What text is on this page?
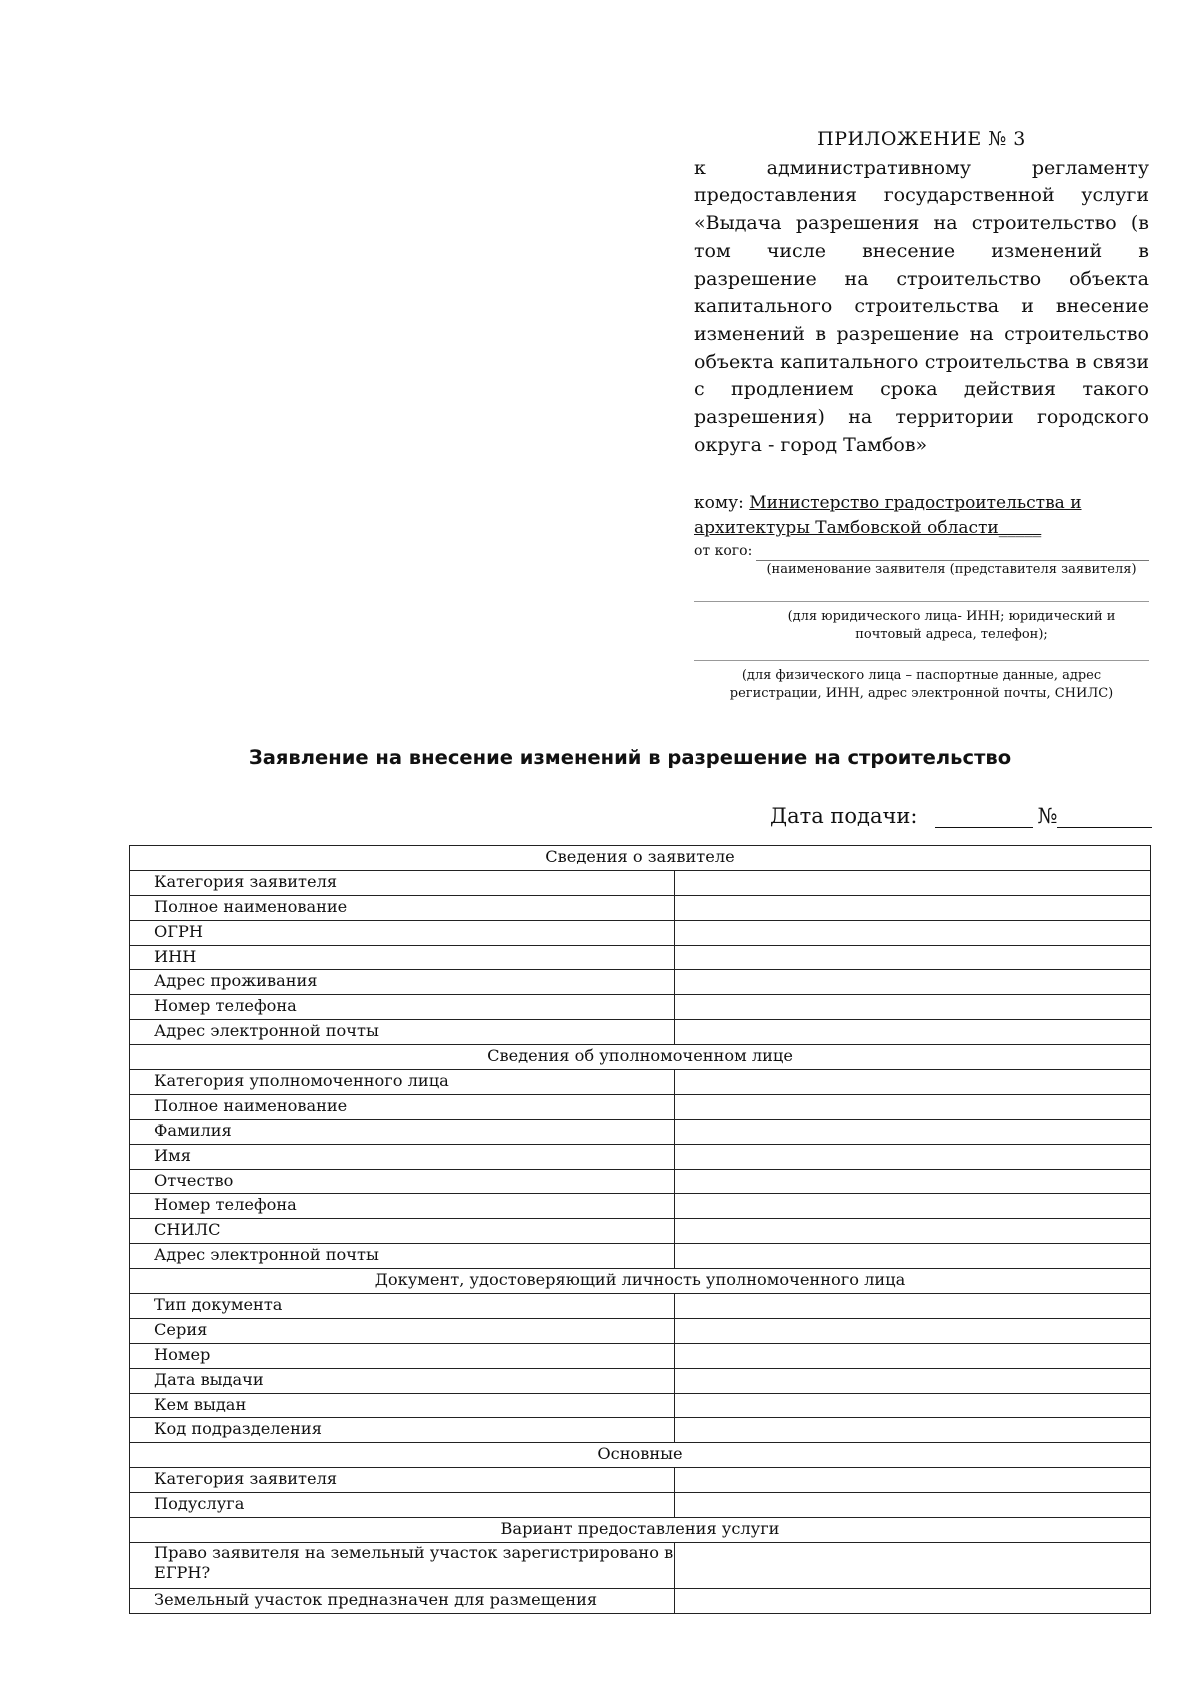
ПРИЛОЖЕНИЕ № 3
к административному регламенту предоставления государственной услуги «Выдача разрешения на строительство (в том числе внесение изменений в разрешение на строительство объекта капитального строительства и внесение изменений в разрешение на строительство объекта капитального строительства в связи с продлением срока действия такого разрешения) на территории городского округа - город Тамбов»
кому: Министерство градостроительства и архитектуры Тамбовской области_____
от кого:
(наименование заявителя (представителя заявителя)
(для юридического лица- ИНН; юридический и почтовый адреса, телефон);
(для физического лица – паспортные данные, адрес регистрации, ИНН, адрес электронной почты, СНИЛС)
Заявление на внесение изменений в разрешение на строительство
Дата подачи:	№
Сведения о заявителе	
Категория заявителя	
Полное наименование	
ОГРН	
ИНН	
Адрес проживания	
Номер телефона	
Адрес электронной почты	
Сведения об уполномоченном лице	
Категория уполномоченного лица	
Полное наименование	
Фамилия	
Имя	
Отчество	
Номер телефона	
СНИЛС	
Адрес электронной почты	
Документ, удостоверяющий личность уполномоченного лица	
Тип документа	
Серия	
Номер	
Дата выдачи	
Кем выдан	
Код подразделения	
Основные	
Категория заявителя	
Подуслуга	
Вариант предоставления услуги	
Право заявителя на земельный участок зарегистрировано в ЕГРН?	
Земельный участок предназначен для размещения	
